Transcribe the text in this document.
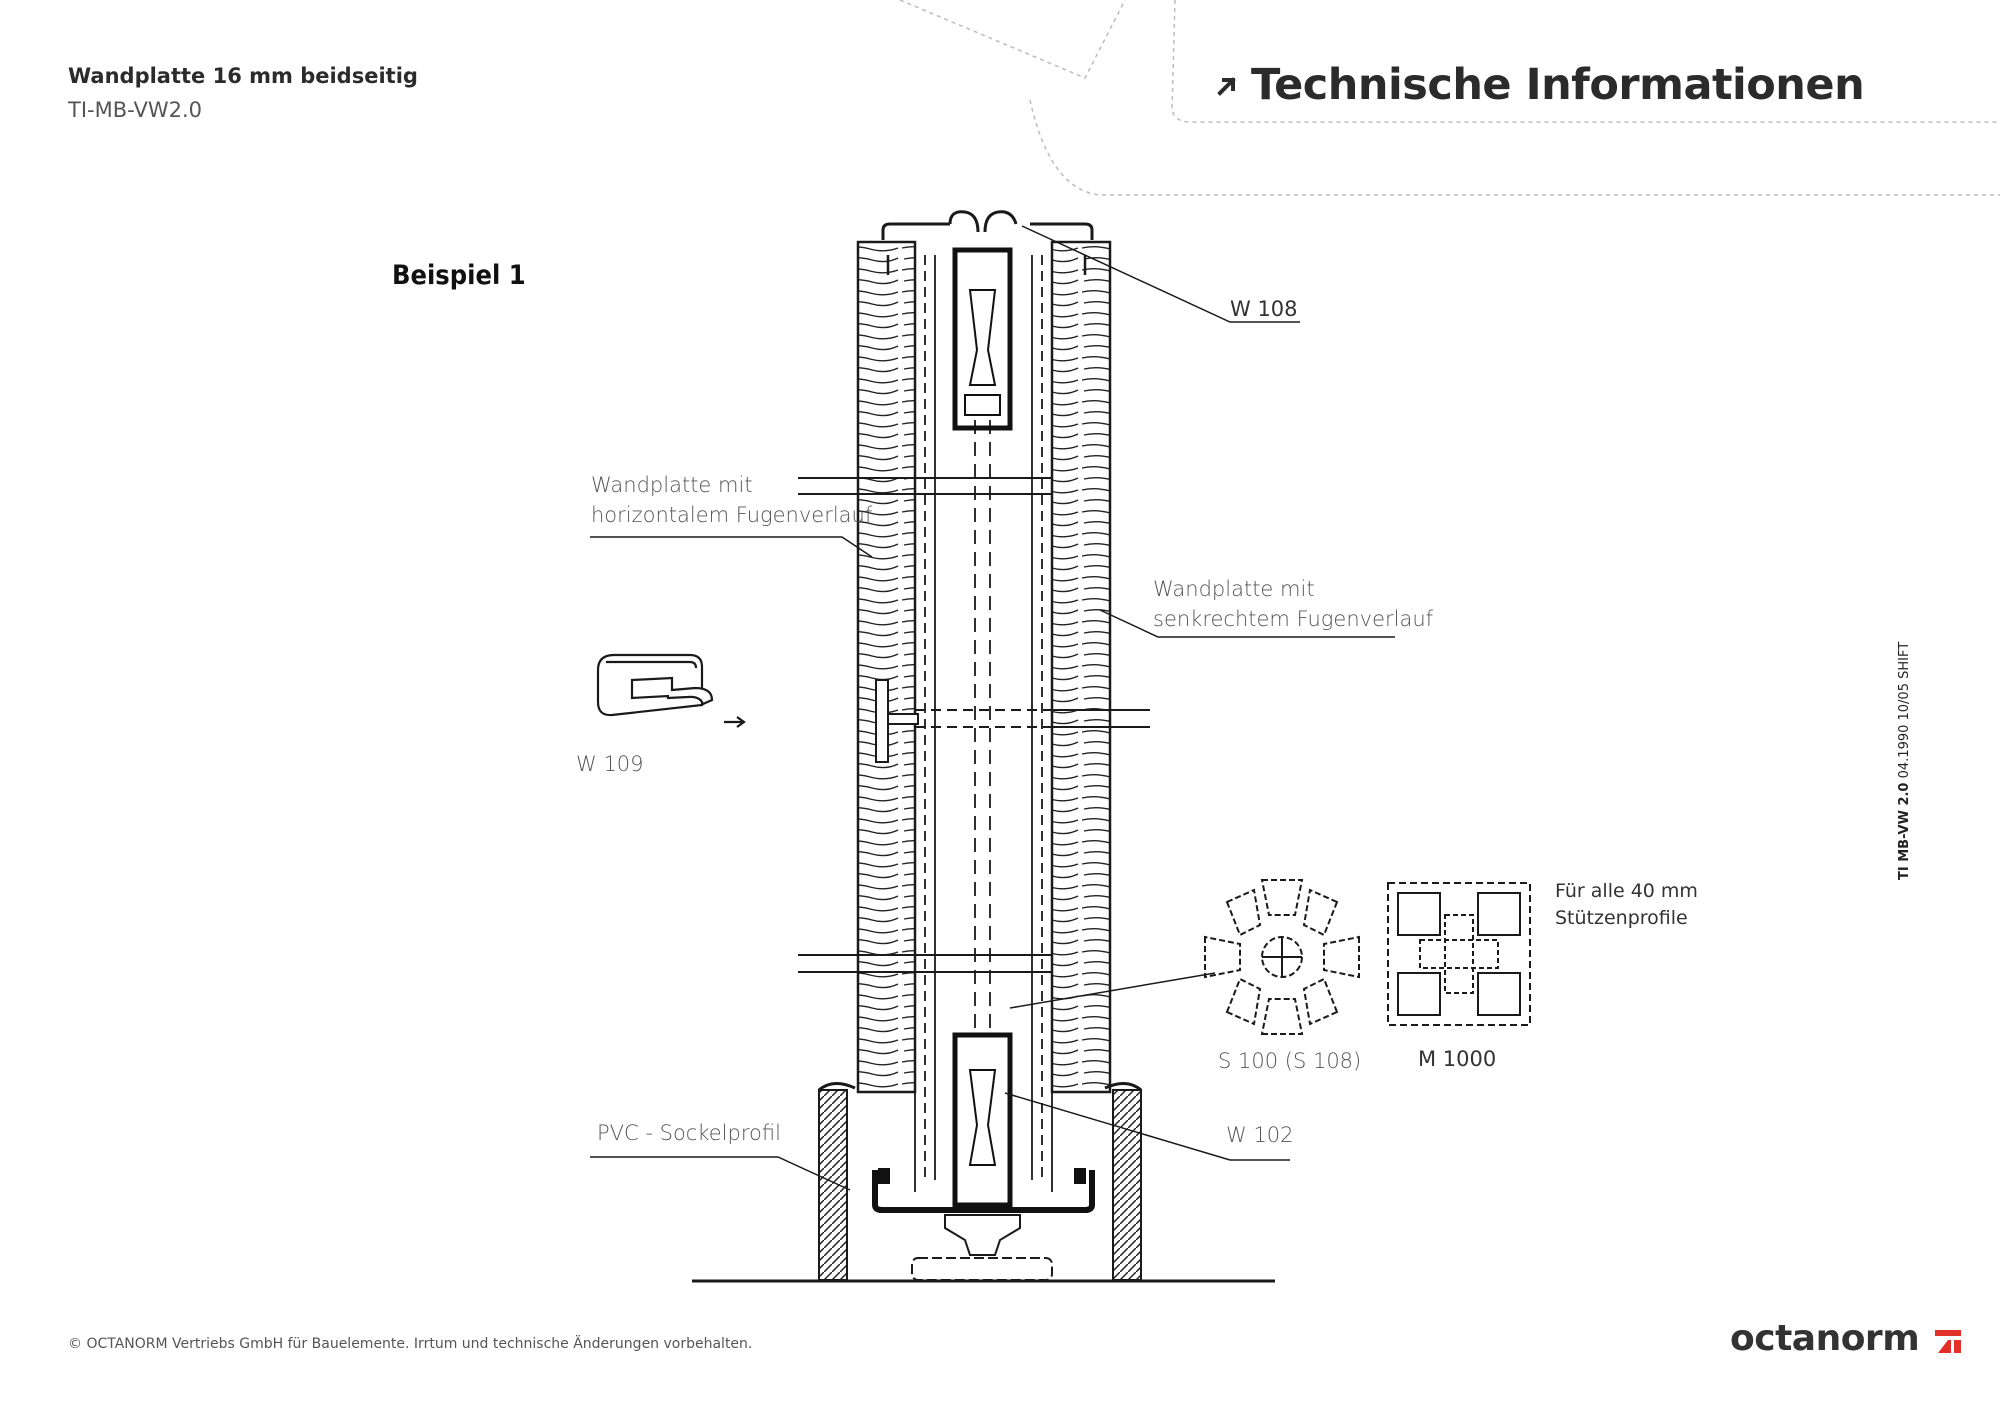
Wandplatte 16 mm beidseitig
TI-MB-VW2.0	Technische Informationen
Beispiel 1
W 108
Wandplatte mit
horizontalem Fugenverlauf
Wandplatte mit
senkrechtem Fugenverlauf
W 109
Für alle 40 mm
Stützenprofile
S 100 (S 108)	M 1000
PVC - Sockelprofil	W 102
TI MB-VW 2.0 04.1990 10/05 SHIFT
© OCTANORM Vertriebs GmbH für Bauelemente. Irrtum und technische Änderungen vorbehalten.	octanorm
